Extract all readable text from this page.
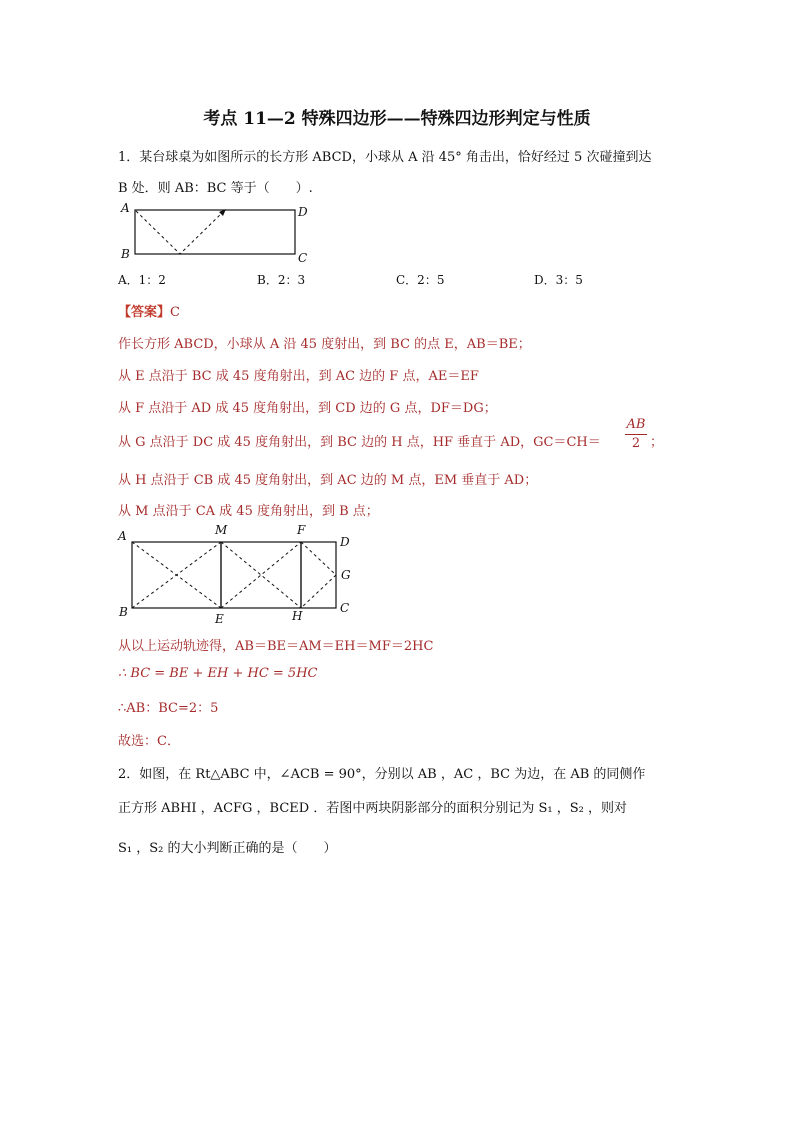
考点 11—2 特殊四边形——特殊四边形判定与性质
1．某台球桌为如图所示的长方形 ABCD，小球从 A 沿 45° 角击出，恰好经过 5 次碰撞到达
B 处．则 AB：BC 等于（　　）.
A
B	C
D
A．1：2	B．2：3	C．2：5	D．3：5
【答案】C
作长方形 ABCD，小球从 A 沿 45 度射出，到 BC 的点 E，AB＝BE；
从 E 点沿于 BC 成 45 度角射出，到 AC 边的 F 点，AE＝EF
从 F 点沿于 AD 成 45 度角射出，到 CD 边的 G 点，DF＝DG；
从 G 点沿于 DC 成 45 度角射出，到 BC 边的 H 点，HF 垂直于 AD，GC＝CH＝
AB
2 ；
从 H 点沿于 CB 成 45 度角射出，到 AC 边的 M 点，EM 垂直于 AD；
从 M 点沿于 CA 成 45 度角射出，到 B 点；
A	M	F
D
G
B	E	H
C
从以上运动轨迹得，AB＝BE＝AM＝EH＝MF＝2HC
∴ BC = BE + EH + HC = 5HC
∴AB：BC=2：5
故选：C．
2．如图，在 Rt△ABC 中，∠ACB = 90°，分别以 AB ，AC ，BC 为边，在 AB 的同侧作
正方形 ABHI ，ACFG ，BCED ．若图中两块阴影部分的面积分别记为 S₁ ，S₂ ，则对
S₁ ，S₂ 的大小判断正确的是（　　）
